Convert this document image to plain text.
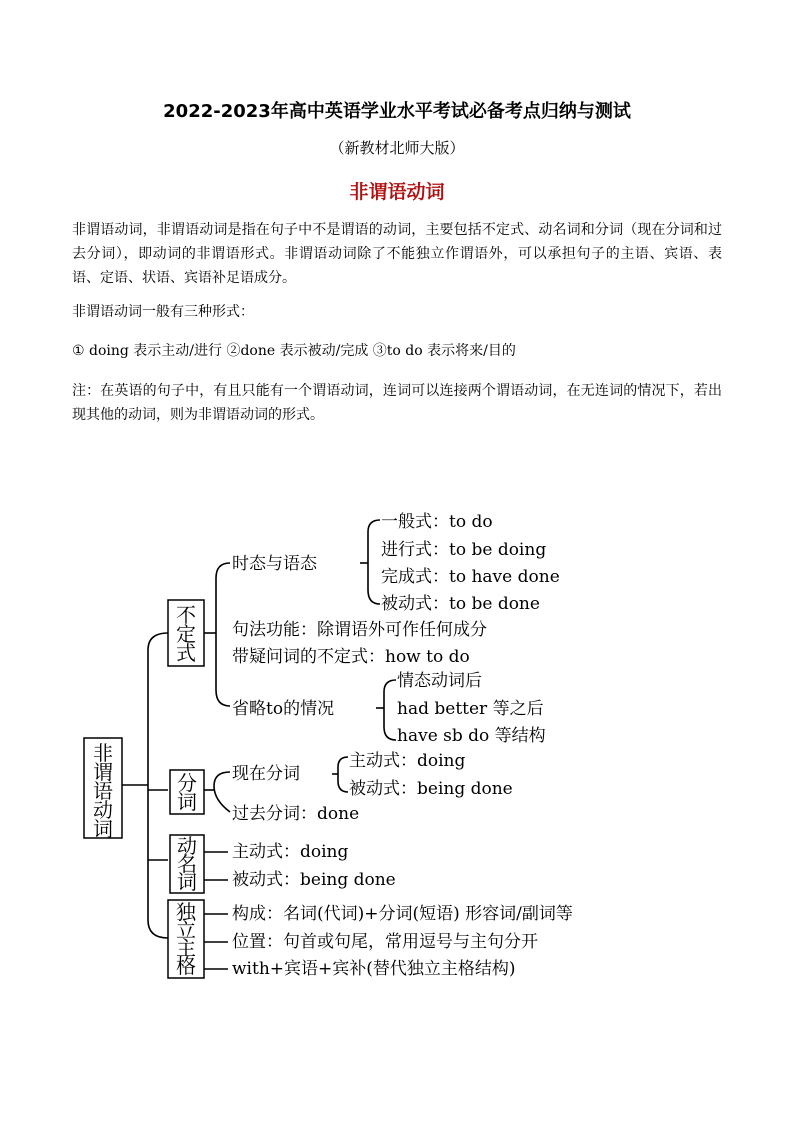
2022-2023年高中英语学业水平考试必备考点归纳与测试
（新教材北师大版）
非谓语动词
非谓语动词，非谓语动词是指在句子中不是谓语的动词，主要包括不定式、动名词和分词（现在分词和过去分词），即动词的非谓语形式。非谓语动词除了不能独立作谓语外，可以承担句子的主语、宾语、表语、定语、状语、宾语补足语成分。
非谓语动词一般有三种形式：
① doing 表示主动/进行 ②done 表示被动/完成 ③to do 表示将来/目的
注：在英语的句子中，有且只能有一个谓语动词，连词可以连接两个谓语动词，在无连词的情况下，若出现其他的动词，则为非谓语动词的形式。
非
谓
语
动
词
不
定
式
时态与语态
一般式：to do
进行式：to be doing
完成式：to have done
被动式：to be done
句法功能：除谓语外可作任何成分
带疑问词的不定式：how to do
省略to的情况
情态动词后
had better 等之后
have sb do 等结构
分
词
现在分词
过去分词：done
主动式：doing
被动式：being done
动
名
词
主动式：doing
被动式：being done
独
立
主
格
构成：名词(代词)+分词(短语) 形容词/副词等
位置：句首或句尾，常用逗号与主句分开
with+宾语+宾补(替代独立主格结构)
